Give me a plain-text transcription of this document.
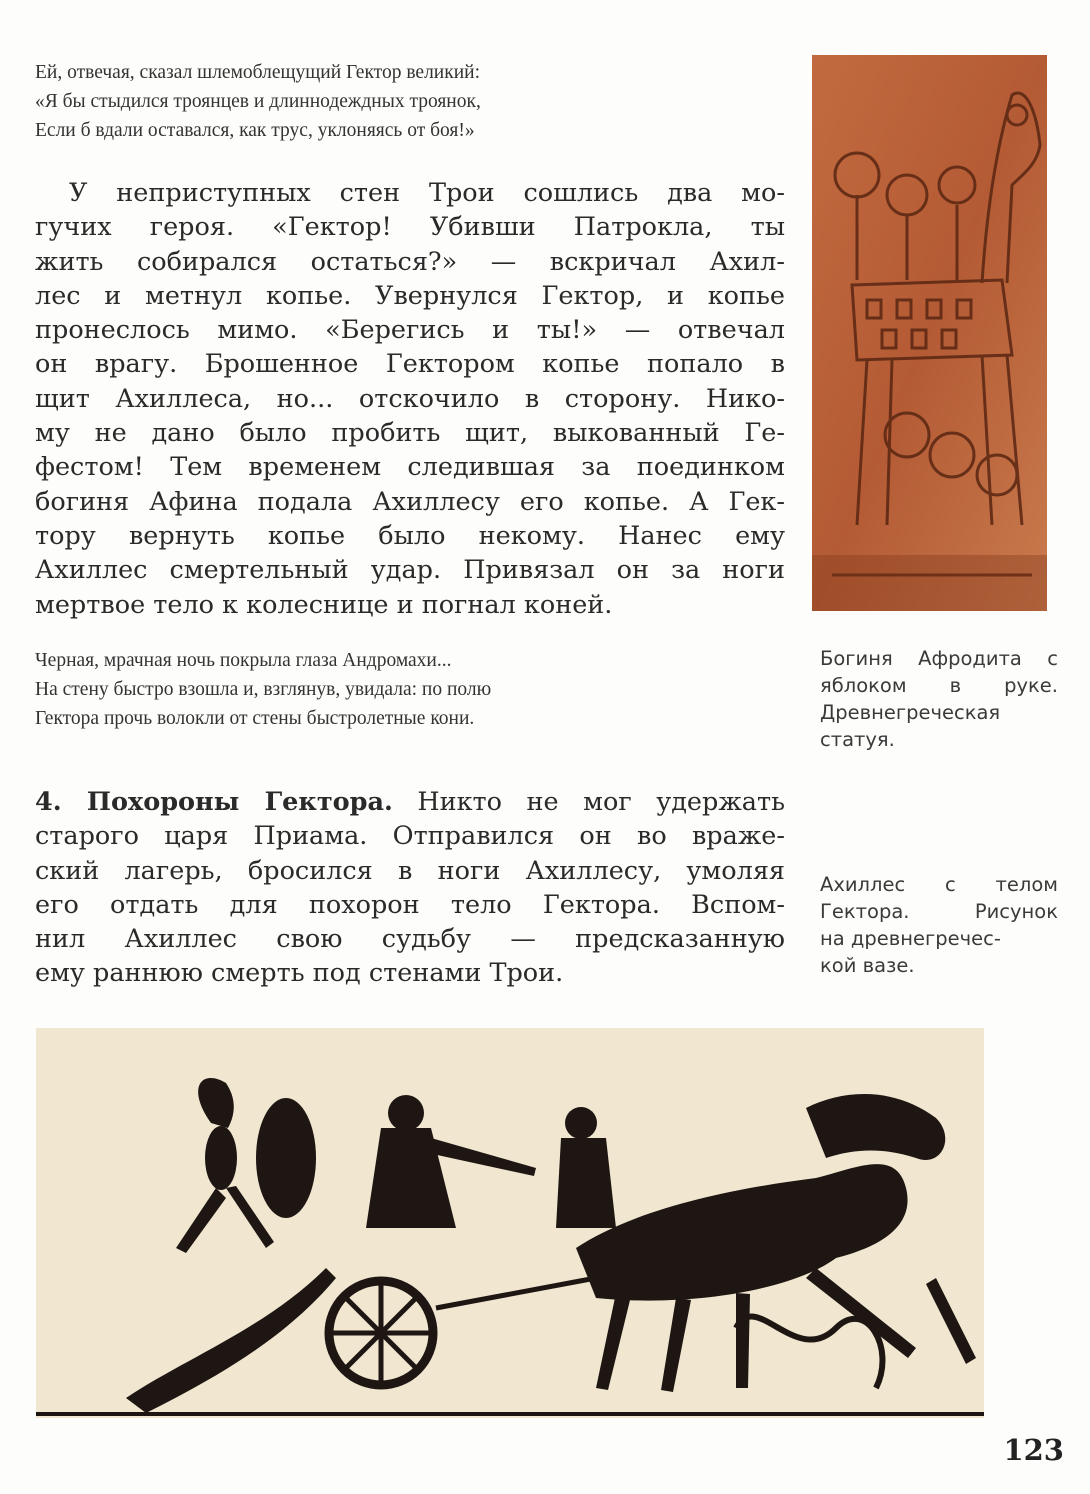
Ей, отвечая, сказал шлемоблещущий Гектор великий:
«Я бы стыдился троянцев и длиннодеждных троянок,
Если б вдали оставался, как трус, уклоняясь от боя!»
У неприступных стен Трои сошлись два мо-
гучих героя. «Гектор! Убивши Патрокла, ты
жить собирался остаться?» — вскричал Ахил-
лес и метнул копье. Увернулся Гектор, и копье
пронеслось мимо. «Берегись и ты!» — отвечал
он врагу. Брошенное Гектором копье попало в
щит Ахиллеса, но... отскочило в сторону. Нико-
му не дано было пробить щит, выкованный Ге-
фестом! Тем временем следившая за поединком
богиня Афина подала Ахиллесу его копье. А Гек-
тору вернуть копье было некому. Нанес ему
Ахиллес смертельный удар. Привязал он за ноги
мертвое тело к колеснице и погнал коней.
Черная, мрачная ночь покрыла глаза Андромахи...
На стену быстро взошла и, взглянув, увидала: по полю
Гектора прочь волокли от стены быстролетные кони.
4. Похороны Гектора. Никто не мог удержать
старого царя Приама. Отправился он во враже-
ский лагерь, бросился в ноги Ахиллесу, умоляя
его отдать для похорон тело Гектора. Вспом-
нил Ахиллес свою судьбу — предсказанную
ему раннюю смерть под стенами Трои.
Богиня Афродита с
яблоком в руке.
Древнегреческая
статуя.
Ахиллес с телом
Гектора. Рисунок
на древнегречес-
кой вазе.
123
